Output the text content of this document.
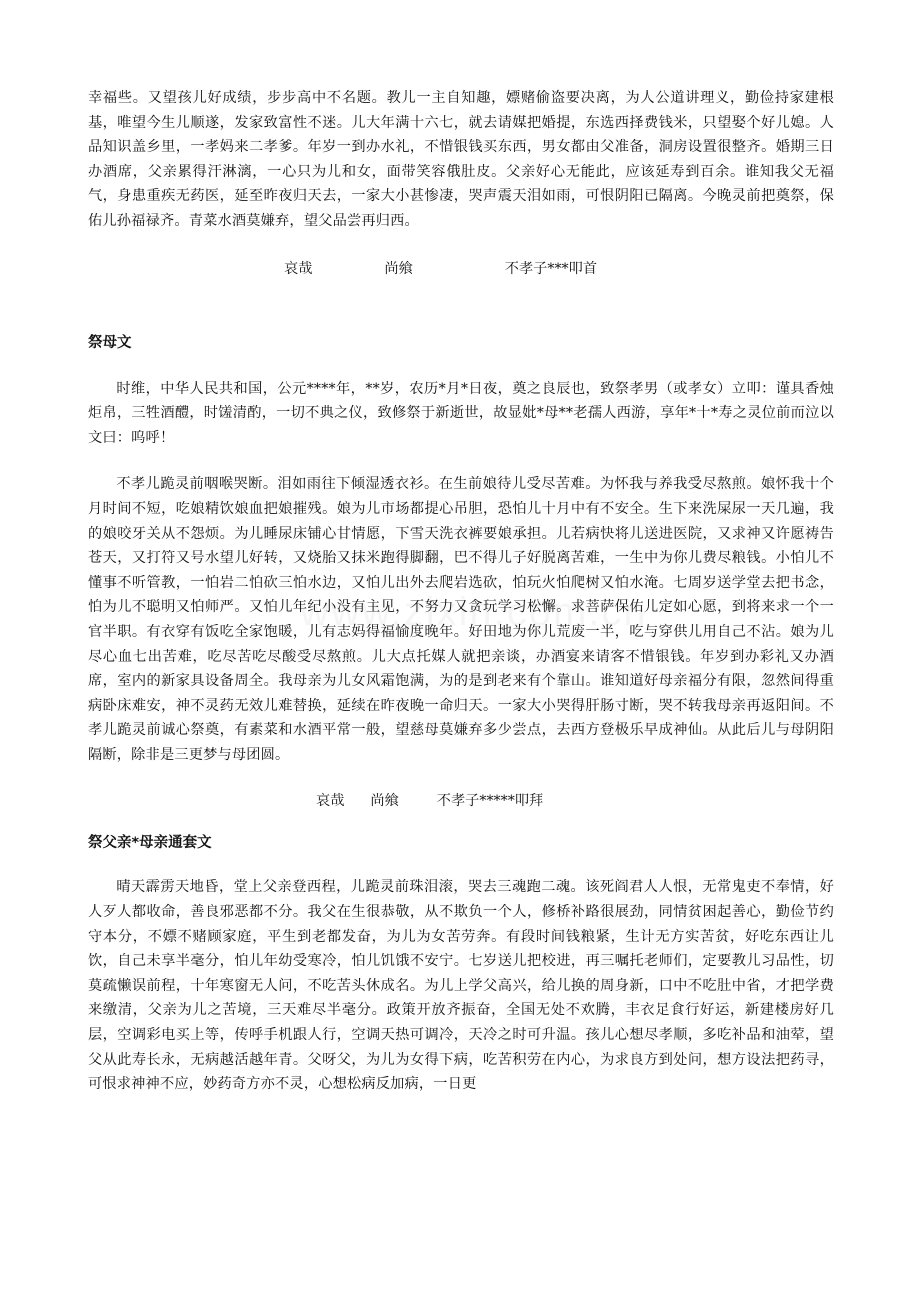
幸福些。又望孩儿好成绩，步步高中不名题。教儿一主自知趣，嫖赌偷盗要决离，为人公道讲理义，勤俭持家建根基，唯望今生儿顺遂，发家致富性不迷。儿大年满十六七，就去请媒把婚提，东选西择费钱米，只望娶个好儿媳。人品知识盖乡里，一孝妈来二孝爹。年岁一到办水礼，不惜银钱买东西，男女都由父准备，洞房设置很整齐。婚期三日办酒席，父亲累得汗淋漓，一心只为儿和女，面带笑容俄肚皮。父亲好心无能此，应该延寿到百余。谁知我父无福气，身患重疾无药医，延至昨夜归天去，一家大小甚惨凄，哭声震天泪如雨，可恨阴阳已隔离。今晚灵前把奠祭，保佑儿孙福禄齐。青菜水酒莫嫌弃，望父品尝再归西。

哀哉	尚飨	不孝子***叩首

祭母文

时维，中华人民共和国，公元****年，**岁，农历*月*日夜，奠之良辰也，致祭孝男（或孝女）立叩：谨具香烛炬帛，三牲酒醴，时馐清酌，一切不典之仪，致修祭于新逝世，故显妣*母**老孺人西游，享年*十*寿之灵位前而泣以文曰：呜呼！

不孝儿跪灵前咽喉哭断。泪如雨往下倾湿透衣衫。在生前娘待儿受尽苦难。为怀我与养我受尽熬煎。娘怀我十个月时间不短，吃娘精饮娘血把娘摧残。娘为儿市场都提心吊胆，恐怕儿十月中有不安全。生下来洗屎尿一天几遍，我的娘咬牙关从不怨烦。为儿睡尿床铺心甘情愿，下雪天洗衣裤要娘承担。儿若病快将儿送进医院，又求神又许愿祷告苍天，又打符又号水望儿好转，又烧胎又抹米跑得脚翻，巴不得儿子好脱离苦难，一生中为你儿费尽粮钱。小怕儿不懂事不听管教，一怕岩二怕砍三怕水边，又怕儿出外去爬岩选砍，怕玩火怕爬树又怕水淹。七周岁送学堂去把书念，怕为儿不聪明又怕师严。又怕儿年纪小没有主见，不努力又贪玩学习松懈。求菩萨保佑儿定如心愿，到将来求一个一官半职。有衣穿有饭吃全家饱暖，儿有志妈得福愉度晚年。好田地为你儿荒废一半，吃与穿供儿用自己不沾。娘为儿尽心血七出苦难，吃尽苦吃尽酸受尽熬煎。儿大点托媒人就把亲谈，办酒宴来请客不惜银钱。年岁到办彩礼又办酒席，室内的新家具设备周全。我母亲为儿女风霜饱满，为的是到老来有个靠山。谁知道好母亲福分有限，忽然间得重病卧床难安，神不灵药无效儿难替换，延续在昨夜晚一命归天。一家大小哭得肝肠寸断，哭不转我母亲再返阳间。不孝儿跪灵前诚心祭奠，有素菜和水酒平常一般，望慈母莫嫌弃多少尝点，去西方登极乐早成神仙。从此后儿与母阴阳隔断，除非是三更梦与母团圆。

哀哉 尚飨	不孝子*****叩拜

祭父亲*母亲通套文

晴天霹雳天地昏，堂上父亲登西程，儿跪灵前珠泪滚，哭去三魂跑二魂。该死阎君人人恨，无常鬼吏不奉情，好人歹人都收命，善良邪恶都不分。我父在生很恭敬，从不欺负一个人，修桥补路很展劲，同情贫困起善心，勤俭节约守本分，不嫖不赌顾家庭，平生到老都发奋，为儿为女苦劳奔。有段时间钱粮紧，生计无方实苦贫，好吃东西让儿饮，自己未享半毫分，怕儿年幼受寒冷，怕儿饥饿不安宁。七岁送儿把校进，再三嘱托老师们，定要教儿习品性，切莫疏懒误前程，十年寒窗无人问，不吃苦头休成名。为儿上学父高兴，给儿换的周身新，口中不吃肚中省，才把学费来缴清，父亲为儿之苦境，三天难尽半毫分。政策开放齐振奋，全国无处不欢腾，丰衣足食行好运，新建楼房好几层，空调彩电买上等，传呼手机跟人行，空调天热可调冷，天冷之时可升温。孩儿心想尽孝顺，多吃补品和油荤，望父从此寿长永，无病越活越年青。父呀父，为儿为女得下病，吃苦积劳在内心，为求良方到处问，想方设法把药寻，可恨求神神不应，妙药奇方亦不灵，心想松病反加病，一日更
